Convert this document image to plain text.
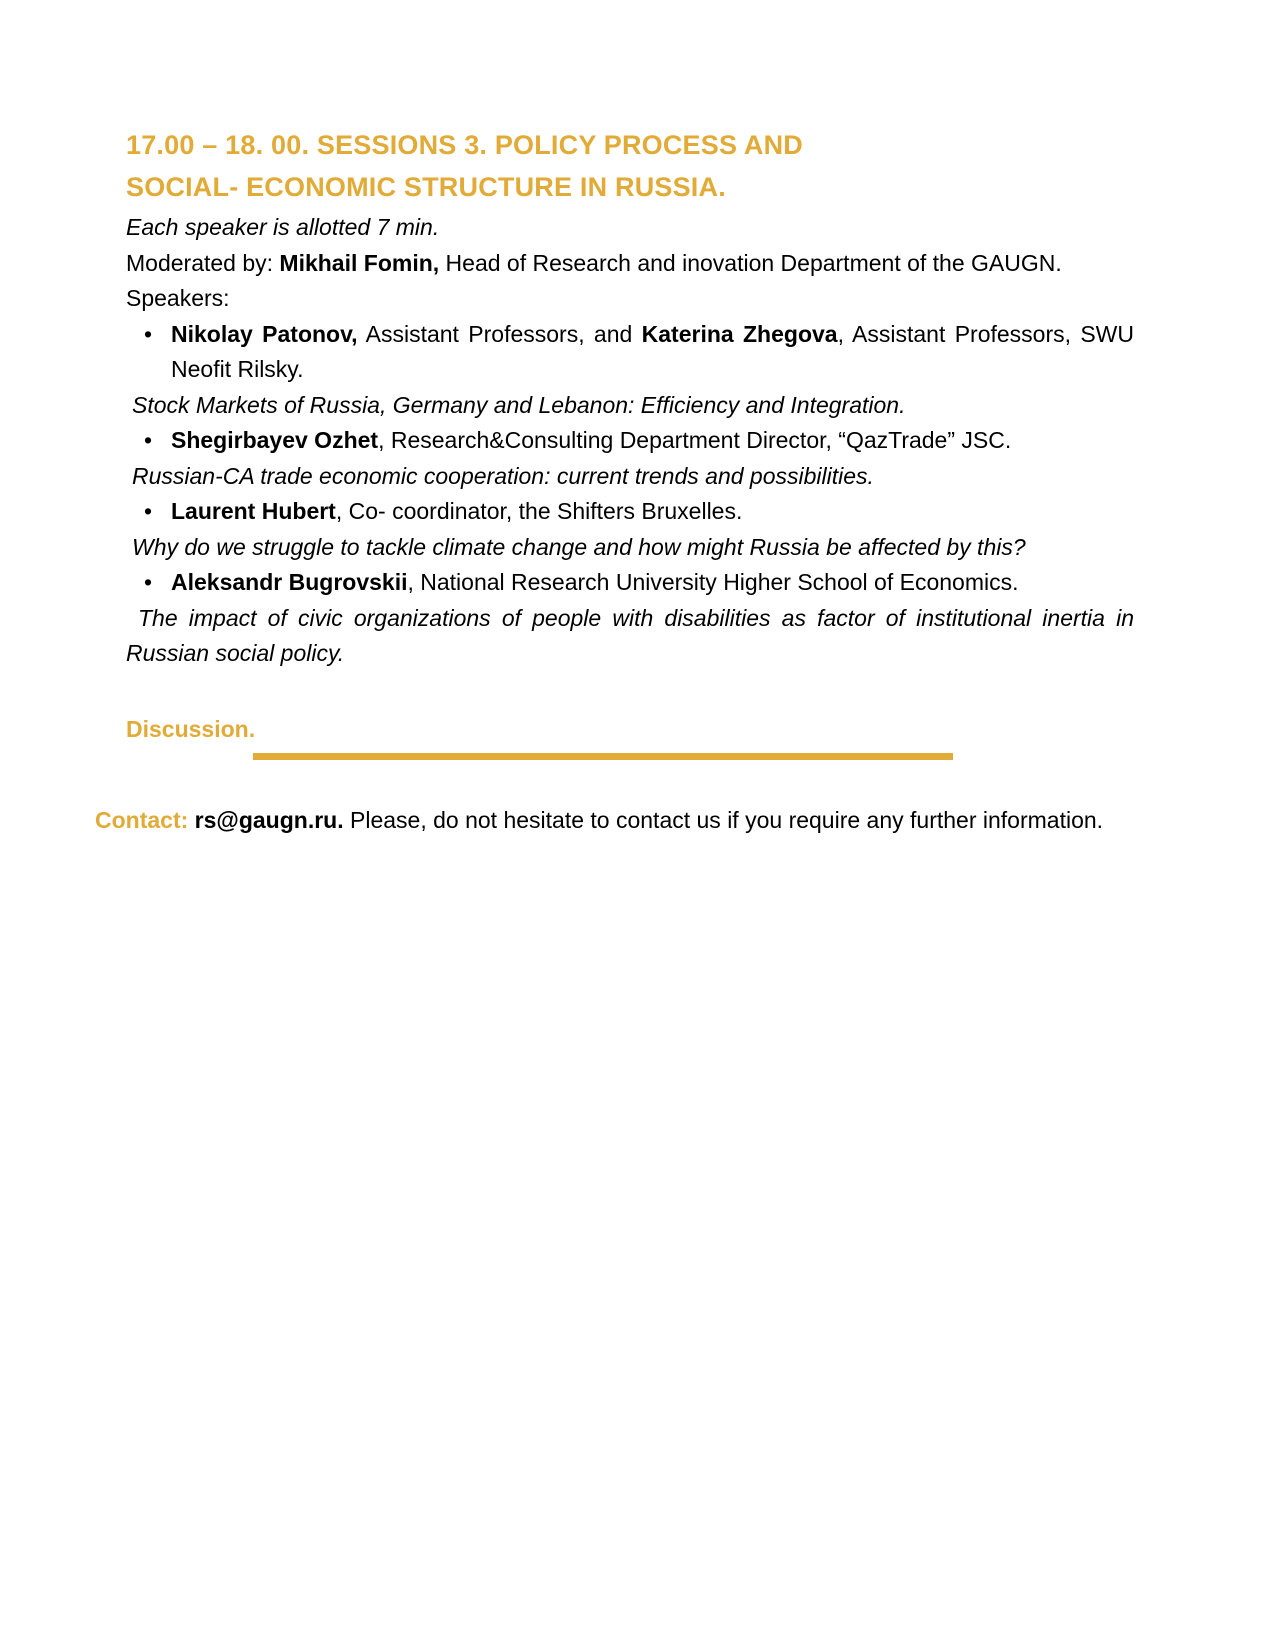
17.00 – 18. 00. SESSIONS 3. POLICY PROCESS AND
SOCIAL- ECONOMIC STRUCTURE IN RUSSIA.
Each speaker is allotted 7 min.
Moderated by: Mikhail Fomin, Head of Research and inovation Department of the GAUGN.
Speakers:
• Nikolay Patonov, Assistant Professors, and Katerina Zhegova, Assistant Professors, SWU Neofit Rilsky.
Stock Markets of Russia, Germany and Lebanon: Efficiency and Integration.
• Shegirbayev Ozhet, Research&Consulting Department Director, “QazTrade” JSC.
Russian-CA trade economic cooperation: current trends and possibilities.
• Laurent Hubert, Co- coordinator, the Shifters Bruxelles.
Why do we struggle to tackle climate change and how might Russia be affected by this?
• Aleksandr Bugrovskii, National Research University Higher School of Economics.
The impact of civic organizations of people with disabilities as factor of institutional inertia in Russian social policy.
Discussion.
Contact: rs@gaugn.ru. Please, do not hesitate to contact us if you require any further information.
